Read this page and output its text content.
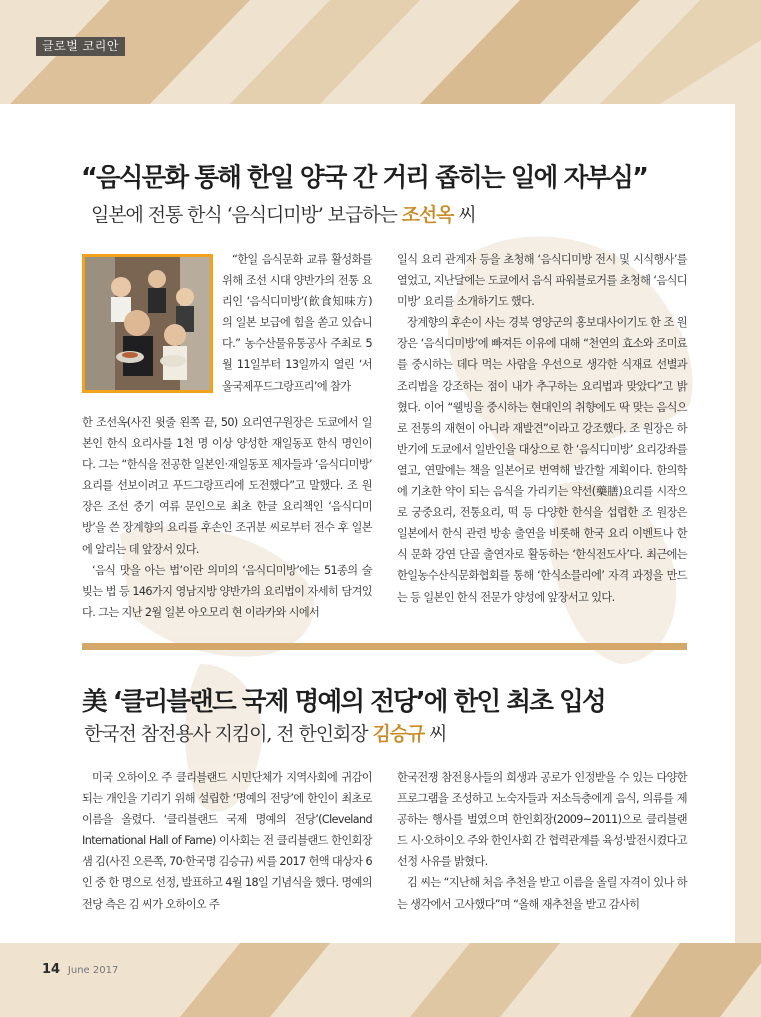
글로벌 코리안
“음식문화 통해 한일 양국 간 거리 좁히는 일에 자부심”
일본에 전통 한식 ‘음식디미방’ 보급하는 조선옥 씨

“한일 음식문화 교류 활성화를 위해 조선 시대 양반가의 전통 요리인 ‘음식디미방’(飮食知味方)의 일본 보급에 힘을 쏟고 있습니다.” 농수산물유통공사 주최로 5월 11일부터 13일까지 열린 ‘서울국제푸드그랑프리’에 참가

한 조선옥(사진 윗줄 왼쪽 끝, 50) 요리연구원장은 도쿄에서 일본인 한식 요리사를 1천 명 이상 양성한 재일동포 한식 명인이다. 그는 “한식을 전공한 일본인·재일동포 제자들과 ‘음식디미방’ 요리를 선보이려고 푸드그랑프리에 도전했다”고 말했다. 조 원장은 조선 중기 여류 문인으로 최초 한글 요리책인 ‘음식디미방’을 쓴 장계향의 요리를 후손인 조귀분 씨로부터 전수 후 일본에 알리는 데 앞장서 있다.

‘음식 맛을 아는 법’이란 의미의 ‘음식디미방’에는 51종의 술 빚는 법 등 146가지 영남지방 양반가의 요리법이 자세히 담겨있다. 그는 지난 2월 일본 아오모리 현 이라카와 시에서

일식 요리 관계자 등을 초청해 ‘음식디미방 전시 및 시식행사’를 열었고, 지난달에는 도쿄에서 음식 파워블로거를 초청해 ‘음식디미방’ 요리를 소개하기도 했다.

장계향의 후손이 사는 경북 영양군의 홍보대사이기도 한 조 원장은 ‘음식디미방’에 빠져든 이유에 대해 “천연의 효소와 조미료를 중시하는 데다 먹는 사람을 우선으로 생각한 식재료 선별과 조리법을 강조하는 점이 내가 추구하는 요리법과 맞았다”고 밝혔다. 이어 “웰빙을 중시하는 현대인의 취향에도 딱 맞는 음식으로 전통의 재현이 아니라 재발견”이라고 강조했다. 조 원장은 하반기에 도쿄에서 일반인을 대상으로 한 ‘음식디미방’ 요리강좌를 열고, 연말에는 책을 일본어로 번역해 발간할 계획이다. 한의학에 기초한 약이 되는 음식을 가리키는 약선(藥膳)요리를 시작으로 궁중요리, 전통요리, 떡 등 다양한 한식을 섭렵한 조 원장은 일본에서 한식 관련 방송 출연을 비롯해 한국 요리 이벤트나 한식 문화 강연 단골 출연자로 활동하는 ‘한식전도사’다. 최근에는 한일농수산식문화협회를 통해 ‘한식소믈리에’ 자격 과정을 만드는 등 일본인 한식 전문가 양성에 앞장서고 있다.

美 ‘클리블랜드 국제 명예의 전당’에 한인 최초 입성
한국전 참전용사 지킴이, 전 한인회장 김승규 씨

미국 오하이오 주 클리블랜드 시민단체가 지역사회에 귀감이 되는 개인을 기리기 위해 설립한 ‘명예의 전당’에 한인이 최초로 이름을 올렸다. ‘클리블랜드 국제 명예의 전당’(Cleveland International Hall of Fame) 이사회는 전 클리블랜드 한인회장 샘 김(사진 오른쪽, 70·한국명 김승규) 씨를 2017 헌액 대상자 6인 중 한 명으로 선정, 발표하고 4월 18일 기념식을 했다. 명예의 전당 측은 김 씨가 오하이오 주

한국전쟁 참전용사들의 희생과 공로가 인정받을 수 있는 다양한 프로그램을 조성하고 노숙자들과 저소득층에게 음식, 의류를 제공하는 행사를 벌였으며 한인회장(2009~2011)으로 클리블랜드 시·오하이오 주와 한인사회 간 협력관계를 육성·발전시켰다고 선정 사유를 밝혔다.

김 씨는 “지난해 처음 추천을 받고 이름을 올릴 자격이 있나 하는 생각에서 고사했다”며 “올해 재추천을 받고 감사히

14 June 2017
